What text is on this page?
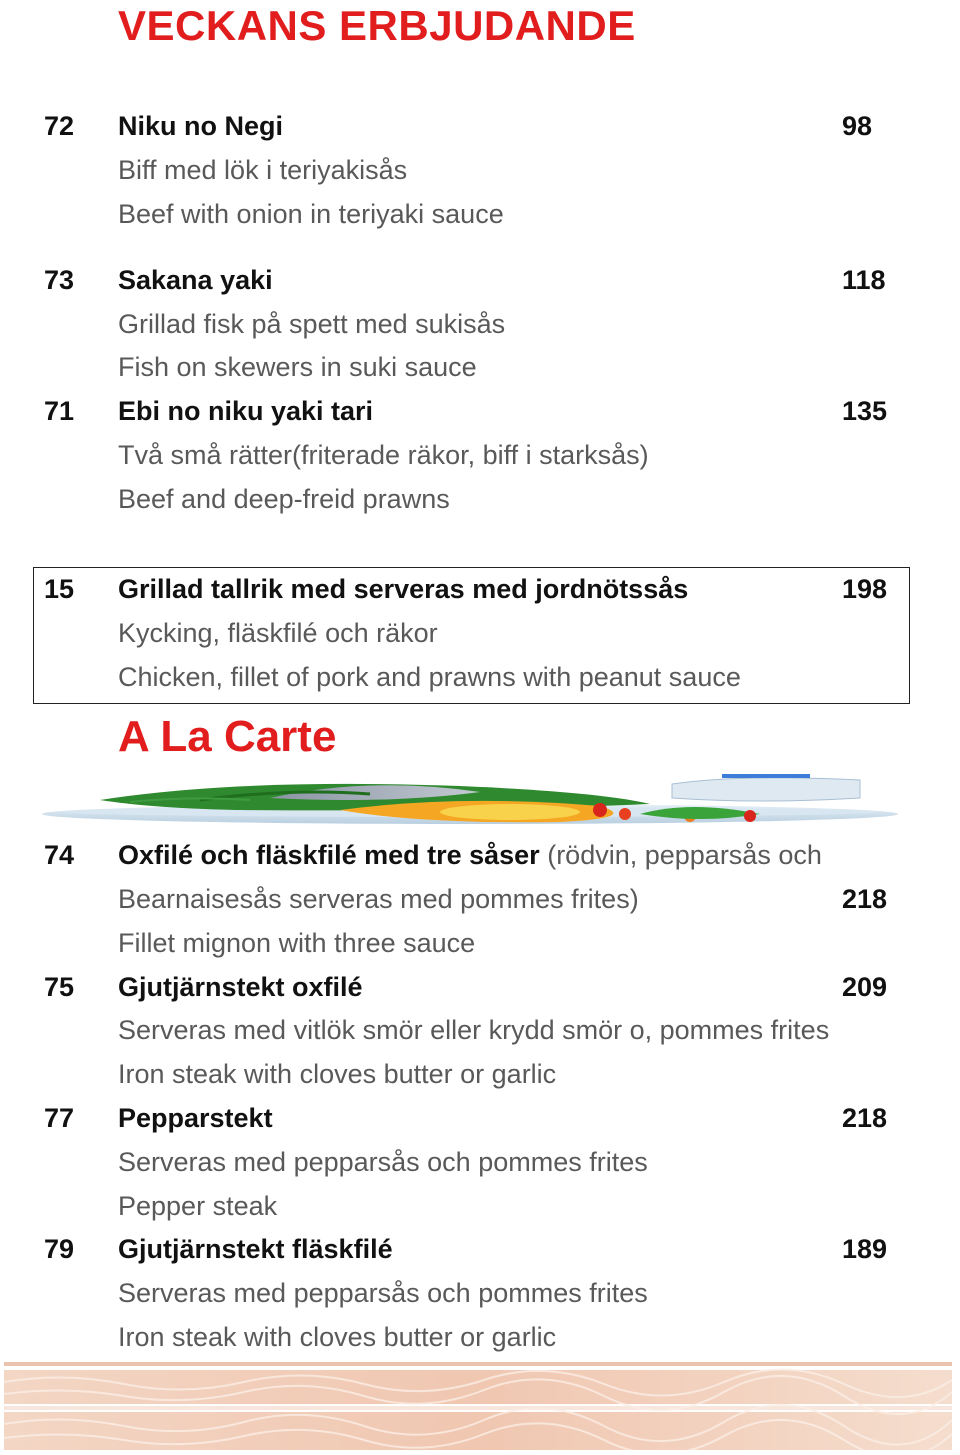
VECKANS ERBJUDANDE
72 Niku no Negi	98
Biff med lök i teriyakisås
Beef with onion in teriyaki sauce
73 Sakana yaki	118
Grillad fisk på spett med sukisås
Fish on skewers in suki sauce
71 Ebi no niku yaki tari	135
Två små rätter(friterade räkor, biff i starksås)
Beef and deep-freid prawns
15 Grillad tallrik med serveras med jordnötssås	198
Kycking, fläskfilé och räkor
Chicken, fillet of pork and prawns with peanut sauce
A La Carte
74 Oxfilé och fläskfilé med tre såser (rödvin, pepparsås och
Bearnaisesås serveras med pommes frites)	218
Fillet mignon with three sauce
75 Gjutjärnstekt oxfilé	209
Serveras med vitlök smör eller krydd smör o, pommes frites
Iron steak with cloves butter or garlic
77 Pepparstekt	218
Serveras med pepparsås och pommes frites
Pepper steak
79 Gjutjärnstekt fläskfilé	189
Serveras med pepparsås och pommes frites
Iron steak with cloves butter or garlic
